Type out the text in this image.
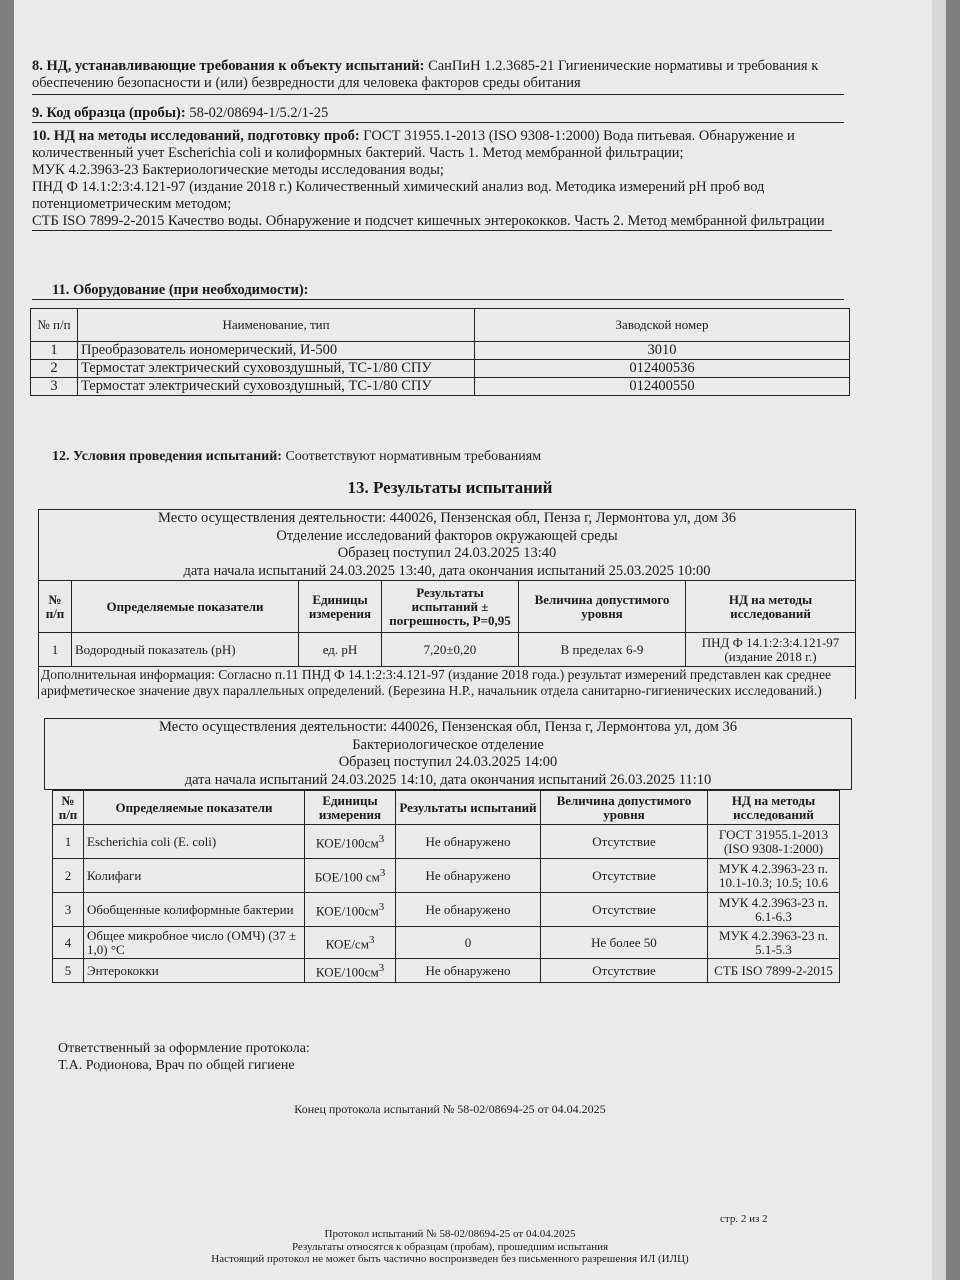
8. НД, устанавливающие требования к объекту испытаний: СанПиН 1.2.3685-21 Гигиенические нормативы и требования к обеспечению безопасности и (или) безвредности для человека факторов среды обитания
9. Код образца (пробы): 58-02/08694-1/5.2/1-25
10. НД на методы исследований, подготовку проб: ГОСТ 31955.1-2013 (ISO 9308-1:2000) Вода питьевая. Обнаружение и количественный учет Escherichia coli и колиформных бактерий. Часть 1. Метод мембранной фильтрации;
МУК 4.2.3963-23 Бактериологические методы исследования воды;
ПНД Ф 14.1:2:3:4.121-97 (издание 2018 г.) Количественный химический анализ вод. Методика измерений pH проб вод потенциометрическим методом;
СТБ ISO 7899-2-2015 Качество воды. Обнаружение и подсчет кишечных энтерококков. Часть 2. Метод мембранной фильтрации
11. Оборудование (при необходимости):
№ п/п	Наименование, тип	Заводской номер
1	Преобразователь иономерический, И-500	3010
2	Термостат электрический суховоздушный, ТС-1/80 СПУ	012400536
3	Термостат электрический суховоздушный, ТС-1/80 СПУ	012400550
12. Условия проведения испытаний: Соответствуют нормативным требованиям
13. Результаты испытаний
Место осуществления деятельности: 440026, Пензенская обл, Пенза г, Лермонтова ул, дом 36
Отделение исследований факторов окружающей среды
Образец поступил 24.03.2025 13:40
дата начала испытаний 24.03.2025 13:40, дата окончания испытаний 25.03.2025 10:00
№ п/п	Определяемые показатели	Единицы измерения	Результаты испытаний ± погрешность, P=0,95	Величина допустимого уровня	НД на методы исследований
1	Водородный показатель (pH)	ед. pH	7,20±0,20	В пределах 6-9	ПНД Ф 14.1:2:3:4.121-97 (издание 2018 г.)
Дополнительная информация: Согласно п.11 ПНД Ф 14.1:2:3:4.121-97 (издание 2018 года.) результат измерений представлен как среднее арифметическое значение двух параллельных определений. (Березина Н.Р., начальник отдела санитарно-гигиенических исследований.)
Место осуществления деятельности: 440026, Пензенская обл, Пенза г, Лермонтова ул, дом 36
Бактериологическое отделение
Образец поступил 24.03.2025 14:00
дата начала испытаний 24.03.2025 14:10, дата окончания испытаний 26.03.2025 11:10
№ п/п	Определяемые показатели	Единицы измерения	Результаты испытаний	Величина допустимого уровня	НД на методы исследований
1	Escherichia coli (E. coli)	КОЕ/$100см^3$	Не обнаружено	Отсутствие	ГОСТ 31955.1-2013 (ISO 9308-1:2000)
2	Колифаги	БОЕ/100 $см^3$	Не обнаружено	Отсутствие	МУК 4.2.3963-23 п. 10.1-10.3; 10.5; 10.6
3	Обобщенные колиформные бактерии	КОЕ/$100см^3$	Не обнаружено	Отсутствие	МУК 4.2.3963-23 п. 6.1-6.3
4	Общее микробное число (ОМЧ) (37 ± 1,0) °С	КОЕ/$см^3$	0	Не более 50	МУК 4.2.3963-23 п. 5.1-5.3
5	Энтерококки	КОЕ/$100см^3$	Не обнаружено	Отсутствие	СТБ ISO 7899-2-2015
Ответственный за оформление протокола:
Т.А. Родионова, Врач по общей гигиене
Конец протокола испытаний № 58-02/08694-25 от 04.04.2025
стр. 2 из 2
Протокол испытаний № 58-02/08694-25 от 04.04.2025
Результаты относятся к образцам (пробам), прошедшим испытания
Настоящий протокол не может быть частично воспроизведен без письменного разрешения ИЛ (ИЛЦ)
